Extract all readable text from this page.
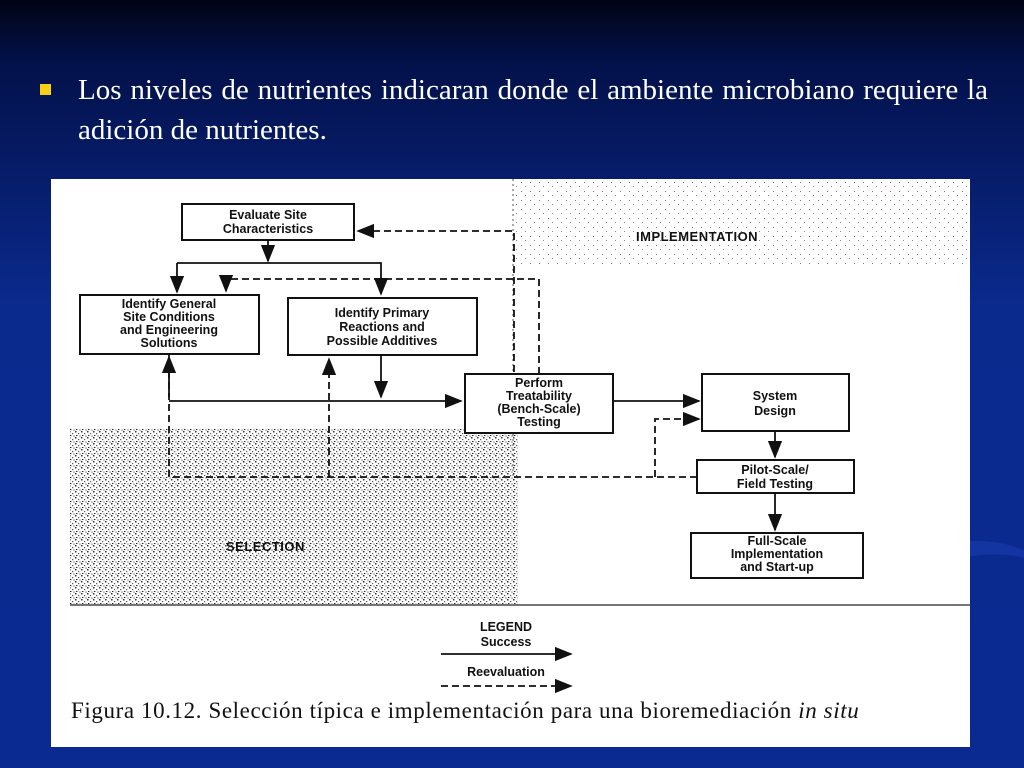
Los niveles de nutrientes indicaran donde el ambiente microbiano requiere la adición de nutrientes.
IMPLEMENTATION
SELECTION
Evaluate Site Characteristics
Identify General Site Conditions and Engineering Solutions
Identify Primary Reactions and Possible Additives
Perform Treatability (Bench-Scale) Testing
System Design
Pilot-Scale/ Field Testing
Full-Scale Implementation and Start-up
LEGEND
Success
Reevaluation
Figura 10.12. Selección típica e implementación para una bioremediación in situ
